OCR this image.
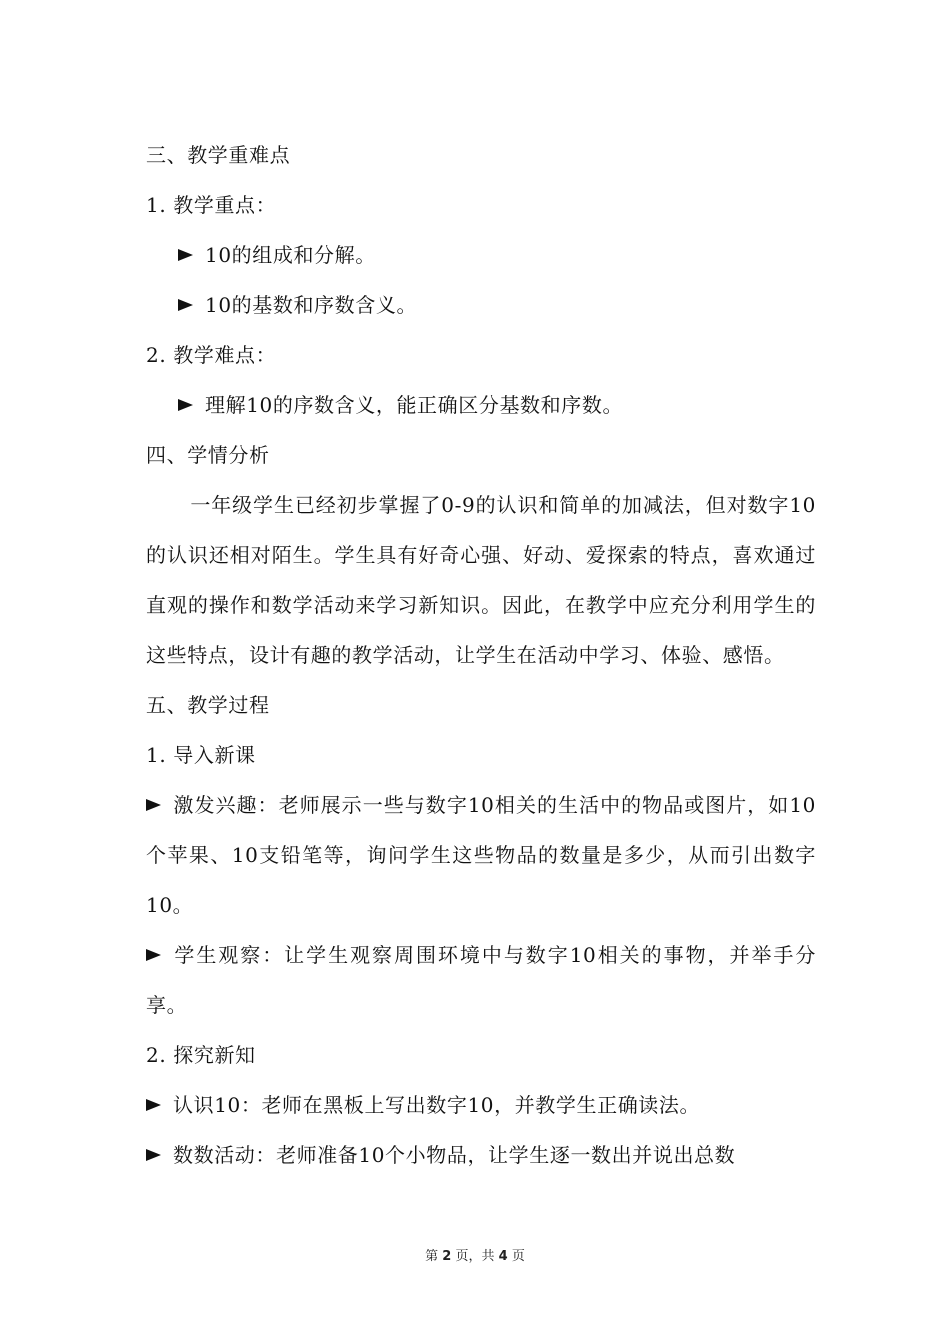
三、教学重难点
1. 教学重点：
10的组成和分解。
10的基数和序数含义。
2. 教学难点：
理解10的序数含义，能正确区分基数和序数。
四、学情分析
一年级学生已经初步掌握了0-9的认识和简单的加减法，但对数字10的认识还相对陌生。学生具有好奇心强、好动、爱探索的特点，喜欢通过直观的操作和数学活动来学习新知识。因此，在教学中应充分利用学生的这些特点，设计有趣的教学活动，让学生在活动中学习、体验、感悟。
五、教学过程
1. 导入新课
激发兴趣：老师展示一些与数字10相关的生活中的物品或图片，如10个苹果、10支铅笔等，询问学生这些物品的数量是多少，从而引出数字10。
学生观察：让学生观察周围环境中与数字10相关的事物，并举手分享。
2. 探究新知
认识10：老师在黑板上写出数字10，并教学生正确读法。
数数活动：老师准备10个小物品，让学生逐一数出并说出总数
第 2 页，共 4 页
